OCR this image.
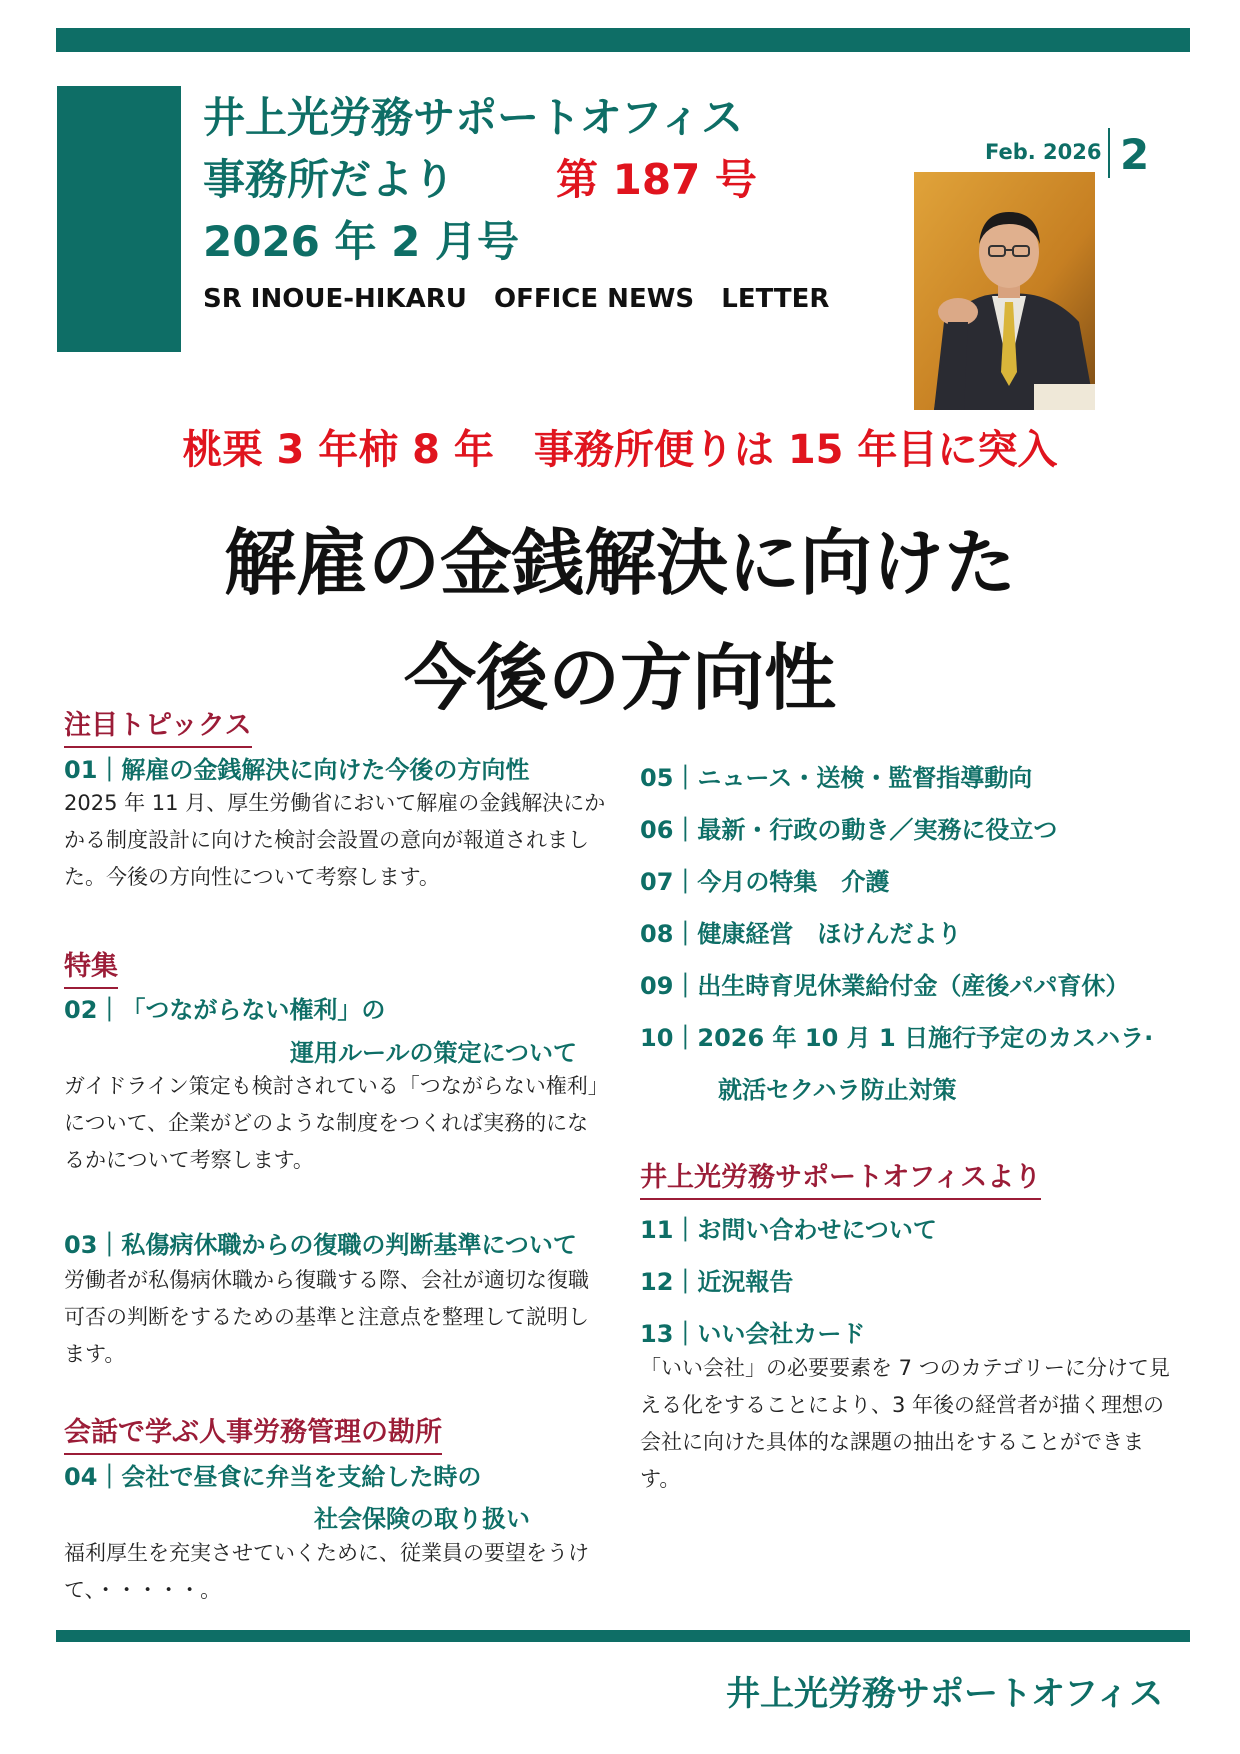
井上光労務サポートオフィス
事務所だより 第 187 号
2026 年 2 月号
SR INOUE-HIKARU   OFFICE NEWS   LETTER
Feb. 2026 2
桃栗 3 年柿 8 年　事務所便りは 15 年目に突入
解雇の金銭解決に向けた
今後の方向性
注目トピックス
01｜解雇の金銭解決に向けた今後の方向性
2025 年 11 月、厚生労働省において解雇の金銭解決にかかる制度設計に向けた検討会設置の意向が報道されました。今後の方向性について考察します。
特集
02｜「つながらない権利」の
運用ルールの策定について
ガイドライン策定も検討されている「つながらない権利」について、企業がどのような制度をつくれば実務的になるかについて考察します。
03｜私傷病休職からの復職の判断基準について
労働者が私傷病休職から復職する際、会社が適切な復職可否の判断をするための基準と注意点を整理して説明します。
会話で学ぶ人事労務管理の勘所
04｜会社で昼食に弁当を支給した時の
社会保険の取り扱い
福利厚生を充実させていくために、従業員の要望をうけて、・・・・・。
05｜ニュース・送検・監督指導動向
06｜最新・行政の動き／実務に役立つ
07｜今月の特集　介護
08｜健康経営　ほけんだより
09｜出生時育児休業給付金（産後パパ育休）
10｜2026 年 10 月 1 日施行予定のカスハラ·
就活セクハラ防止対策
井上光労務サポートオフィスより
11｜お問い合わせについて
12｜近況報告
13｜いい会社カード
「いい会社」の必要要素を 7 つのカテゴリーに分けて見える化をすることにより、3 年後の経営者が描く理想の会社に向けた具体的な課題の抽出をすることができます。
井上光労務サポートオフィス
